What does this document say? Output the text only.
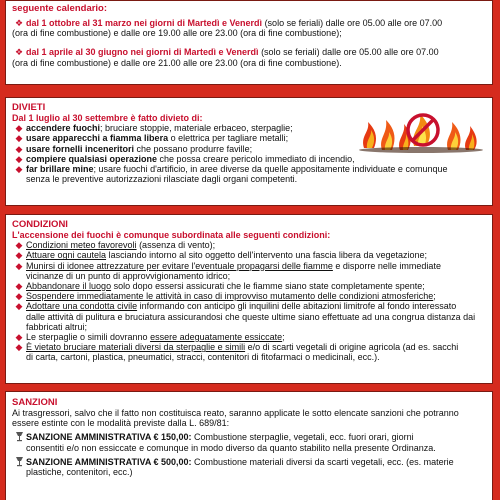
seguente calendario:
❖ dal 1 ottobre al 31 marzo nei giorni di Martedì e Venerdì (solo se feriali) dalle ore 05.00 alle ore 07.00
(ora di fine combustione) e dalle ore 19.00 alle ore 23.00 (ora di fine combustione);
❖ dal 1 aprile al 30 giugno nei giorni di Martedì e Venerdì (solo se feriali) dalle ore 05.00 alle ore 07.00
(ora di fine combustione) e dalle ore 21.00 alle ore 23.00 (ora di fine combustione).
DIVIETI
Dal 1 luglio al 30 settembre è fatto divieto di:
◆ accendere fuochi; bruciare stoppie, materiale erbaceo, sterpaglie;
◆ usare apparecchi a fiamma libera o elettrica per tagliare metalli;
◆ usare fornelli inceneritori che possano produrre faville;
◆ compiere qualsiasi operazione che possa creare pericolo immediato di incendio,
◆ far brillare mine; usare fuochi d'artificio, in aree diverse da quelle appositamente individuate e comunque
senza le preventive autorizzazioni rilasciate dagli organi competenti.
CONDIZIONI
L'accensione dei fuochi è comunque subordinata alle seguenti condizioni:
◆ Condizioni meteo favorevoli (assenza di vento);
◆ Attuare ogni cautela lasciando intorno al sito oggetto dell'intervento una fascia libera da vegetazione;
◆ Munirsi di idonee attrezzature per evitare l'eventuale propagarsi delle fiamme e disporre nelle immediate
vicinanze di un punto di approvvigionamento idrico;
◆ Abbandonare il luogo solo dopo essersi assicurati che le fiamme siano state completamente spente;
◆ Sospendere immediatamente le attività in caso di improvviso mutamento delle condizioni atmosferiche;
◆ Adottare una condotta civile informando con anticipo gli inquilini delle abitazioni limitrofe al fondo interessato
dalle attività di pulitura e bruciatura assicurandosi che queste ultime siano effettuate ad una congrua distanza dai fabbricati altrui;
◆ Le sterpaglie o simili dovranno essere adeguatamente essiccate;
◆ È vietato bruciare materiali diversi da sterpaglie e simili e/o di scarti vegetali di origine agricola (ad es. sacchi
di carta, cartoni, plastica, pneumatici, stracci, contenitori di fitofarmaci o medicinali, ecc.).
SANZIONI
Ai trasgressori, salvo che il fatto non costituisca reato, saranno applicate le sotto elencate sanzioni che potranno
essere estinte con le modalità previste dalla L. 689/81:
SANZIONE AMMINISTRATIVA € 150,00: Combustione sterpaglie, vegetali, ecc. fuori orari, giorni
consentiti e/o non essiccate e comunque in modo diverso da quanto stabilito nella presente Ordinanza.
SANZIONE AMMINISTRATIVA € 500,00: Combustione materiali diversi da scarti vegetali, ecc. (es. materie
plastiche, contenitori, ecc.)
